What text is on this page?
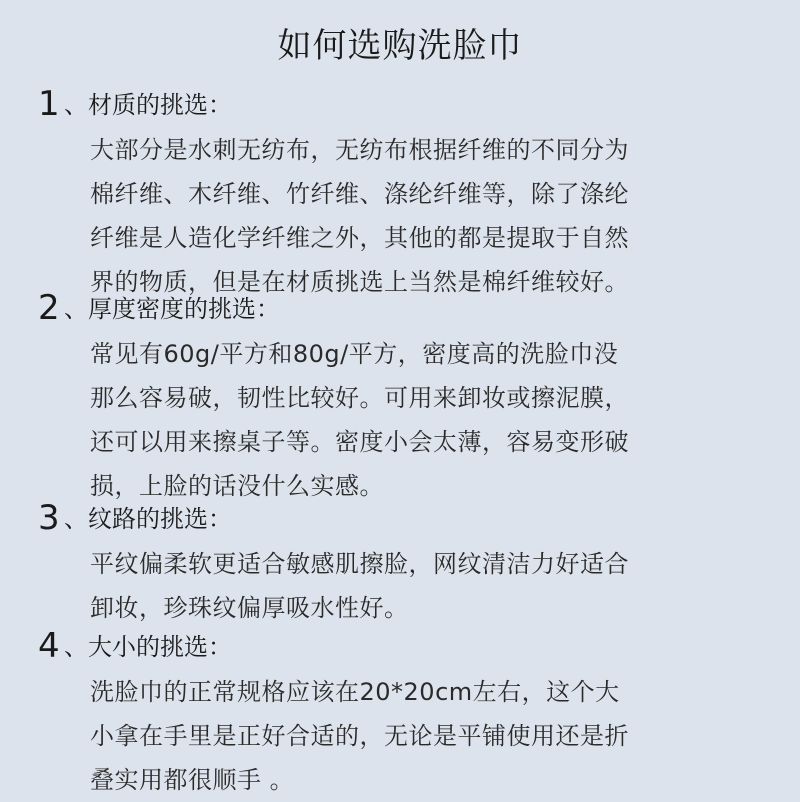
如何选购洗脸巾
1 、材质的挑选：

大部分是水刺无纺布，无纺布根据纤维的不同分为
棉纤维、木纤维、竹纤维、涤纶纤维等，除了涤纶
纤维是人造化学纤维之外，其他的都是提取于自然
界的物质，但是在材质挑选上当然是棉纤维较好。

2 、厚度密度的挑选：

常见有60g/平方和80g/平方，密度高的洗脸巾没
那么容易破，韧性比较好。可用来卸妆或擦泥膜，
还可以用来擦桌子等。密度小会太薄，容易变形破
损，上脸的话没什么实感。

3 、纹路的挑选：

平纹偏柔软更适合敏感肌擦脸，网纹清洁力好适合
卸妆，珍珠纹偏厚吸水性好。

4 、大小的挑选：

洗脸巾的正常规格应该在20*20cm左右，这个大
小拿在手里是正好合适的，无论是平铺使用还是折
叠实用都很顺手 。
